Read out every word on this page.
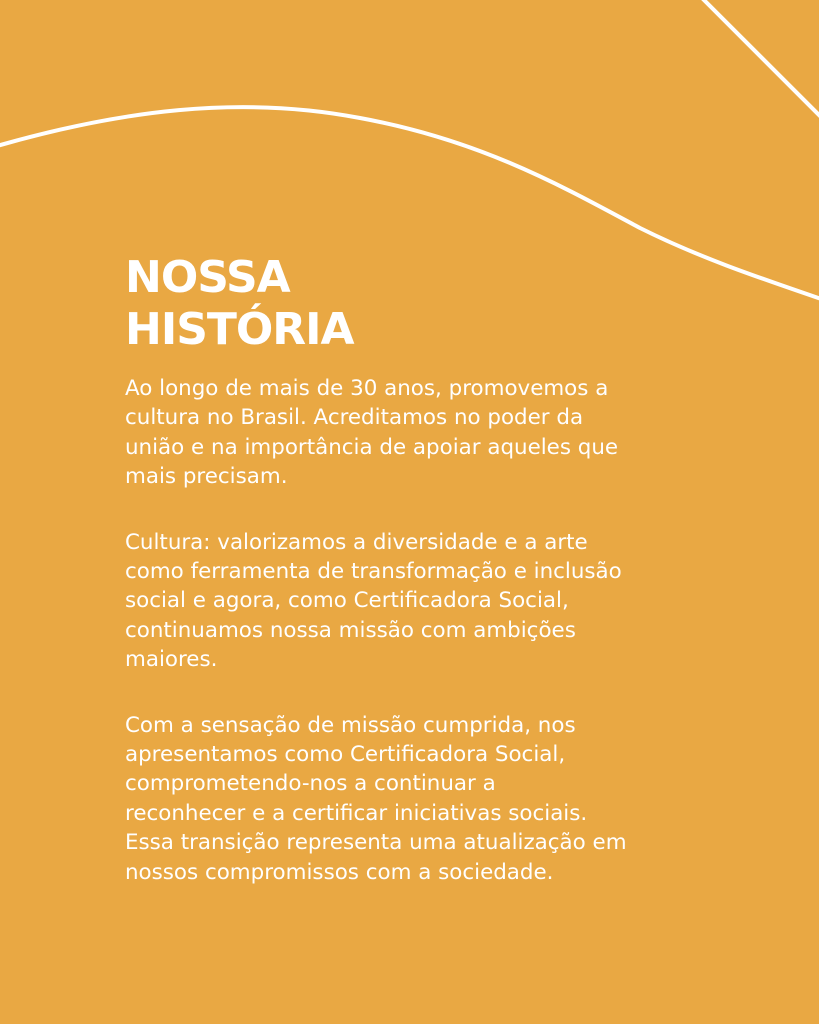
NOSSA
HISTÓRIA

Ao longo de mais de 30 anos, promovemos a
cultura no Brasil. Acreditamos no poder da
união e na importância de apoiar aqueles que
mais precisam.

Cultura: valorizamos a diversidade e a arte
como ferramenta de transformação e inclusão
social e agora, como Certificadora Social,
continuamos nossa missão com ambições
maiores.

Com a sensação de missão cumprida, nos
apresentamos como Certificadora Social,
comprometendo-nos a continuar a
reconhecer e a certificar iniciativas sociais.
Essa transição representa uma atualização em
nossos compromissos com a sociedade.
